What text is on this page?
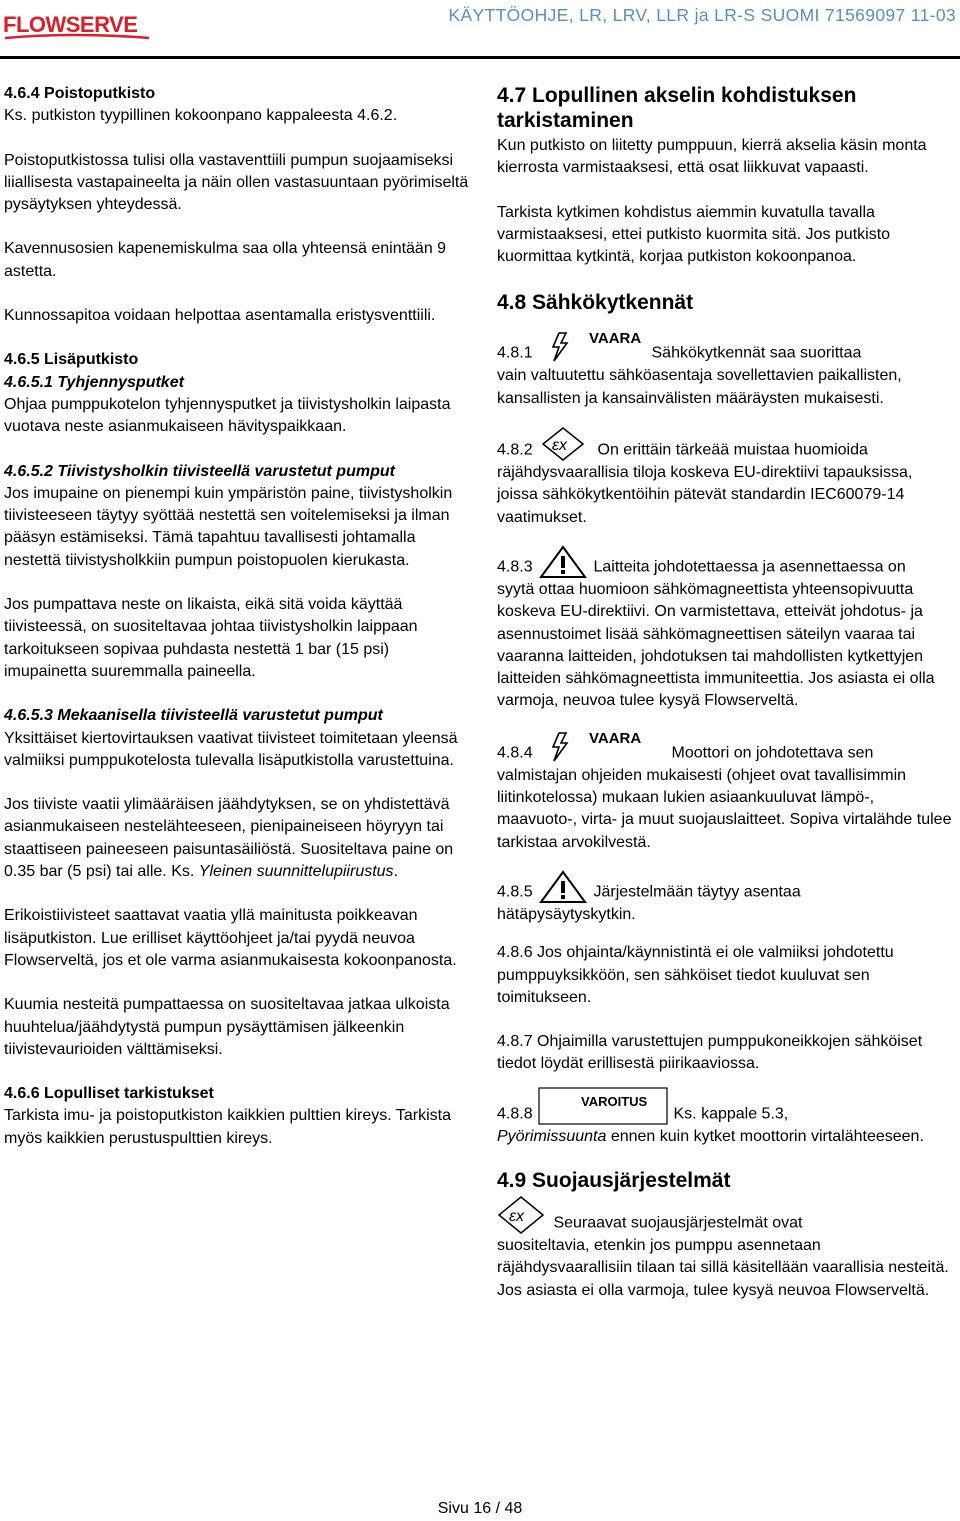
FLOWSERVE	KÄYTTÖOHJE, LR, LRV, LLR ja LR-S SUOMI 71569097 11-03
4.6.4 Poistoputkisto

Ks. putkiston tyypillinen kokoonpano kappaleesta 4.6.2.

Poistoputkistossa tulisi olla vastaventtiili pumpun suojaamiseksi liiallisesta vastapaineelta ja näin ollen vastasuuntaan pyörimiseltä pysäytyksen yhteydessä.

Kavennusosien kapenemiskulma saa olla yhteensä enintään 9 astetta.

Kunnossapitoa voidaan helpottaa asentamalla eristysventtiili.

4.6.5 Lisäputkisto

4.6.5.1 Tyhjennysputket

Ohjaa pumppukotelon tyhjennysputket ja tiivistysholkin laipasta vuotava neste asianmukaiseen hävityspaikkaan.

4.6.5.2 Tiivistysholkin tiivisteellä varustetut pumput

Jos imupaine on pienempi kuin ympäristön paine, tiivistysholkin tiivisteeseen täytyy syöttää nestettä sen voitelemiseksi ja ilman pääsyn estämiseksi. Tämä tapahtuu tavallisesti johtamalla nestettä tiivistysholkkiin pumpun poistopuolen kierukasta.

Jos pumpattava neste on likaista, eikä sitä voida käyttää tiivisteessä, on suositeltavaa johtaa tiivistysholkin laippaan tarkoitukseen sopivaa puhdasta nestettä 1 bar (15 psi) imupainetta suuremmalla paineella.

4.6.5.3 Mekaanisella tiivisteellä varustetut pumput

Yksittäiset kiertovirtauksen vaativat tiivisteet toimitetaan yleensä valmiiksi pumppukotelosta tulevalla lisäputkistolla varustettuina.

Jos tiiviste vaatii ylimääräisen jäähdytyksen, se on yhdistettävä asianmukaiseen nestelähteeseen, pienipaineiseen höyryyn tai staattiseen paineeseen paisuntasäiliöstä. Suositeltava paine on 0.35 bar (5 psi) tai alle. Ks. Yleinen suunnittelupiirustus.

Erikoistiivisteet saattavat vaatia yllä mainitusta poikkeavan lisäputkiston. Lue erilliset käyttöohjeet ja/tai pyydä neuvoa Flowserveltä, jos et ole varma asianmukaisesta kokoonpanosta.

Kuumia nesteitä pumpattaessa on suositeltavaa jatkaa ulkoista huuhtelua/jäähdytystä pumpun pysäyttämisen jälkeenkin tiivistevaurioiden välttämiseksi.

4.6.6 Lopulliset tarkistukset

Tarkista imu- ja poistoputkiston kaikkien pulttien kireys. Tarkista myös kaikkien perustuspulttien kireys.

4.7 Lopullinen akselin kohdistuksen tarkistaminen

Kun putkisto on liitetty pumppuun, kierrä akselia käsin monta kierrosta varmistaaksesi, että osat liikkuvat vapaasti.

Tarkista kytkimen kohdistus aiemmin kuvatulla tavalla varmistaaksesi, ettei putkisto kuormita sitä. Jos putkisto kuormittaa kytkintä, korjaa putkiston kokoonpanoa.

4.8 Sähkökytkennät
4.8.1
VAARA
Sähkökytkennät saa suorittaa
vain valtuutettu sähköasentaja sovellettavien paikallisten, kansallisten ja kansainvälisten määräysten mukaisesti.
4.8.2 εx On erittäin tärkeää muistaa huomioida
räjähdysvaarallisia tiloja koskeva EU-direktiivi tapauksissa, joissa sähkökytkentöihin pätevät standardin IEC60079-14 vaatimukset.
4.8.3	Laitteita johdotettaessa ja asennettaessa on
syytä ottaa huomioon sähkömagneettista yhteensopivuutta koskeva EU-direktiivi. On varmistettava, etteivät johdotus- ja asennustoimet lisää sähkömagneettisen säteilyn vaaraa tai vaaranna laitteiden, johdotuksen tai mahdollisten kytkettyjen laitteiden sähkömagneettista immuniteettia. Jos asiasta ei olla varmoja, neuvoa tulee kysyä Flowserveltä.
4.8.4
VAARA
Moottori on johdotettava sen
valmistajan ohjeiden mukaisesti (ohjeet ovat tavallisimmin liitinkotelossa) mukaan lukien asiaankuuluvat lämpö-, maavuoto-, virta- ja muut suojauslaitteet. Sopiva virtalähde tulee tarkistaa arvokilvestä.
4.8.5	Järjestelmään täytyy asentaa
hätäpysäytyskytkin.

4.8.6 Jos ohjainta/käynnistintä ei ole valmiiksi johdotettu pumppuyksikköön, sen sähköiset tiedot kuuluvat sen toimitukseen.

4.8.7 Ohjaimilla varustettujen pumppukoneikkojen sähköiset tiedot löydät erillisestä piirikaaviossa.

4.8.8
VAROITUS
Ks. kappale 5.3,
Pyörimissuunta ennen kuin kytket moottorin virtalähteeseen.
4.9 Suojausjärjestelmät
εx Seuraavat suojausjärjestelmät ovat
suositeltavia, etenkin jos pumppu asennetaan räjähdysvaarallisiin tilaan tai sillä käsitellään vaarallisia nesteitä. Jos asiasta ei olla varmoja, tulee kysyä neuvoa Flowserveltä.
Sivu 16 / 48
